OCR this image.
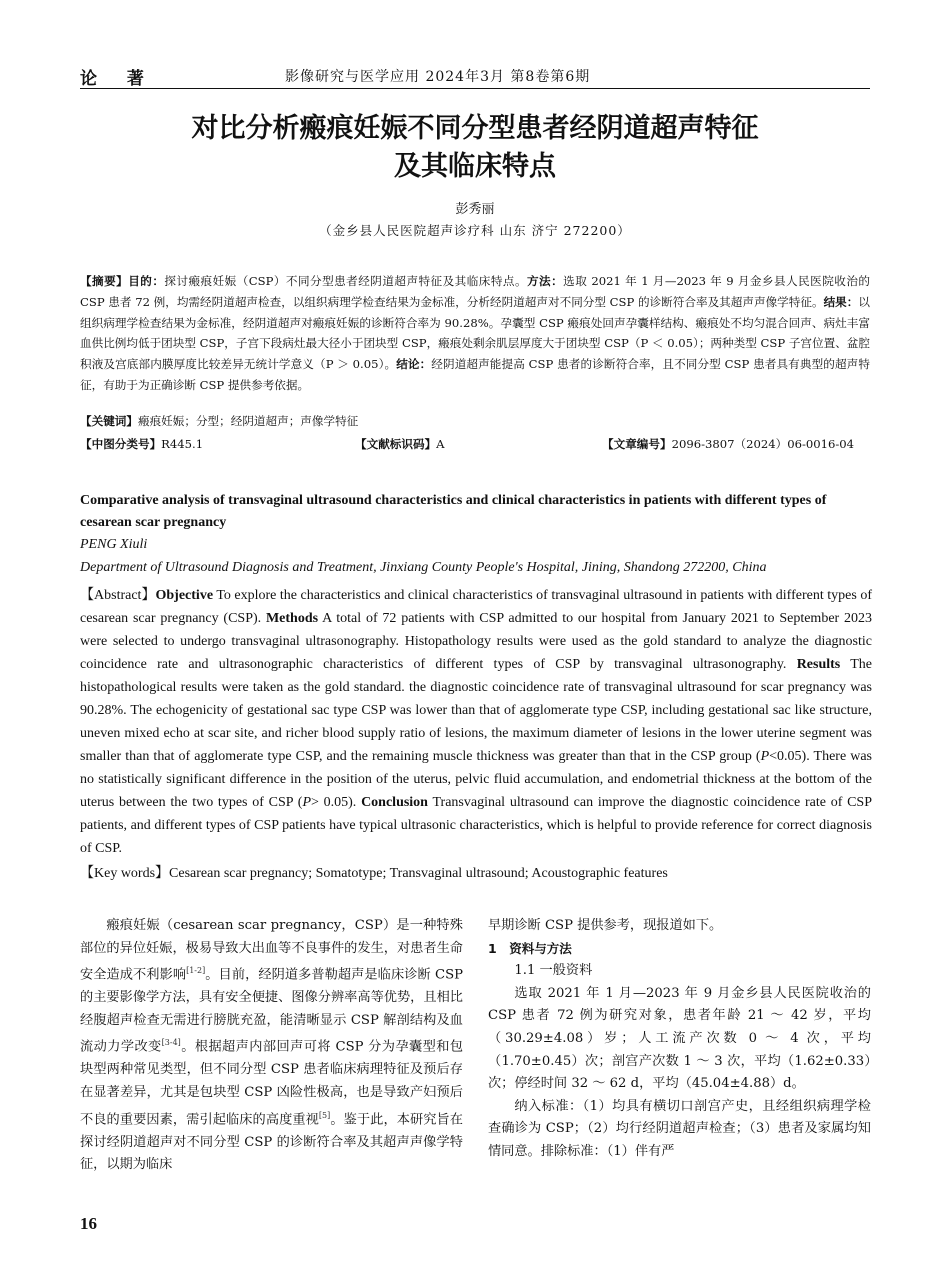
论 著	影像研究与医学应用 2024年3月 第8卷第6期
对比分析瘢痕妊娠不同分型患者经阴道超声特征
及其临床特点
彭秀丽
（金乡县人民医院超声诊疗科 山东 济宁 272200）
【摘要】目的：探讨瘢痕妊娠（CSP）不同分型患者经阴道超声特征及其临床特点。方法：选取 2021 年 1 月—2023 年 9 月金乡县人民医院收治的 CSP 患者 72 例，均需经阴道超声检查，以组织病理学检查结果为金标准，分析经阴道超声对不同分型 CSP 的诊断符合率及其超声声像学特征。结果：以组织病理学检查结果为金标准，经阴道超声对瘢痕妊娠的诊断符合率为 90.28%。孕囊型 CSP 瘢痕处回声孕囊样结构、瘢痕处不均匀混合回声、病灶丰富血供比例均低于团块型 CSP，子宫下段病灶最大径小于团块型 CSP，瘢痕处剩余肌层厚度大于团块型 CSP（P ＜ 0.05）；两种类型 CSP 子宫位置、盆腔积液及宫底部内膜厚度比较差异无统计学意义（P ＞ 0.05）。结论：经阴道超声能提高 CSP 患者的诊断符合率，且不同分型 CSP 患者具有典型的超声特征，有助于为正确诊断 CSP 提供参考依据。
【关键词】瘢痕妊娠；分型；经阴道超声；声像学特征
【中图分类号】R445.1	【文献标识码】A	【文章编号】2096-3807（2024）06-0016-04
Comparative analysis of transvaginal ultrasound characteristics and clinical characteristics in patients with different types of cesarean scar pregnancy
PENG Xiuli
Department of Ultrasound Diagnosis and Treatment, Jinxiang County People's Hospital, Jining, Shandong 272200, China
【Abstract】Objective To explore the characteristics and clinical characteristics of transvaginal ultrasound in patients with different types of cesarean scar pregnancy (CSP). Methods A total of 72 patients with CSP admitted to our hospital from January 2021 to September 2023 were selected to undergo transvaginal ultrasonography. Histopathology results were used as the gold standard to analyze the diagnostic coincidence rate and ultrasonographic characteristics of different types of CSP by transvaginal ultrasonography. Results The histopathological results were taken as the gold standard. the diagnostic coincidence rate of transvaginal ultrasound for scar pregnancy was 90.28%. The echogenicity of gestational sac type CSP was lower than that of agglomerate type CSP, including gestational sac like structure, uneven mixed echo at scar site, and richer blood supply ratio of lesions, the maximum diameter of lesions in the lower uterine segment was smaller than that of agglomerate type CSP, and the remaining muscle thickness was greater than that in the CSP group (P<0.05). There was no statistically significant difference in the position of the uterus, pelvic fluid accumulation, and endometrial thickness at the bottom of the uterus between the two types of CSP (P> 0.05). Conclusion Transvaginal ultrasound can improve the diagnostic coincidence rate of CSP patients, and different types of CSP patients have typical ultrasonic characteristics, which is helpful to provide reference for correct diagnosis of CSP.
【Key words】Cesarean scar pregnancy; Somatotype; Transvaginal ultrasound; Acoustographic features

瘢痕妊娠（cesarean scar pregnancy，CSP）是一种特殊部位的异位妊娠，极易导致大出血等不良事件的发生，对患者生命安全造成不利影响[1-2]。目前，经阴道多普勒超声是临床诊断 CSP 的主要影像学方法，具有安全便捷、图像分辨率高等优势，且相比经腹超声检查无需进行膀胱充盈，能清晰显示 CSP 解剖结构及血流动力学改变[3-4]。根据超声内部回声可将 CSP 分为孕囊型和包块型两种常见类型，但不同分型 CSP 患者临床病理特征及预后存在显著差异，尤其是包块型 CSP 凶险性极高，也是导致产妇预后不良的重要因素，需引起临床的高度重视[5]。鉴于此，本研究旨在探讨经阴道超声对不同分型 CSP 的诊断符合率及其超声声像学特征，以期为临床

早期诊断 CSP 提供参考，现报道如下。

1　资料与方法

1.1 一般资料

选取 2021 年 1 月—2023 年 9 月金乡县人民医院收治的 CSP 患者 72 例为研究对象，患者年龄 21 ～ 42 岁，平均（30.29±4.08）岁；人工流产次数 0 ～ 4 次，平均（1.70±0.45）次；剖宫产次数 1 ～ 3 次，平均（1.62±0.33）次；停经时间 32 ～ 62 d，平均（45.04±4.88）d。

纳入标准：（1）均具有横切口剖宫产史，且经组织病理学检查确诊为 CSP；（2）均行经阴道超声检查；（3）患者及家属均知情同意。排除标准：（1）伴有严

16
